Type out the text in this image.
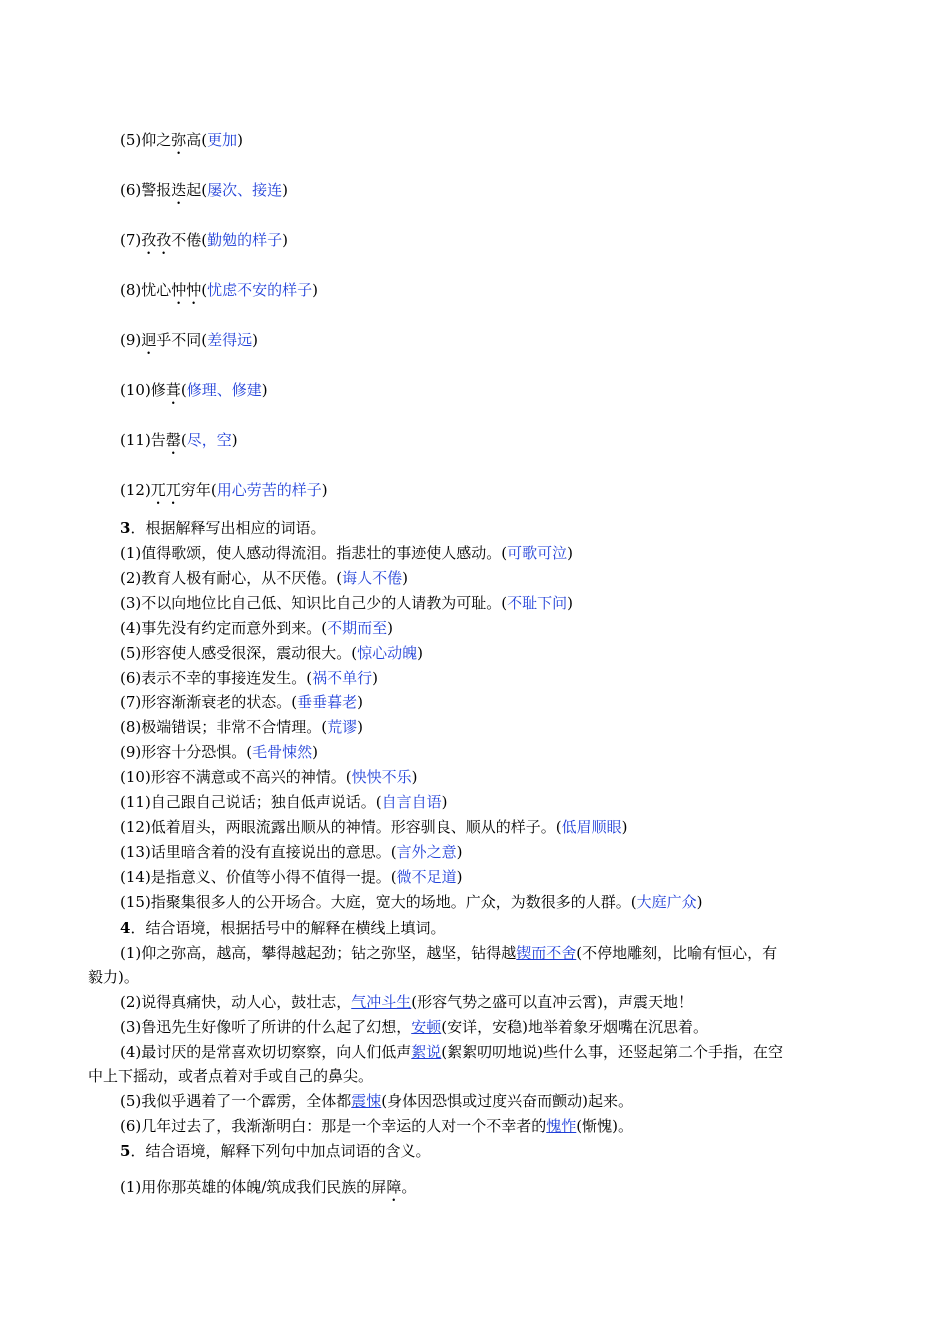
(5)仰之弥高(更加)
(6)警报迭起(屡次、接连)
(7)孜孜不倦(勤勉的样子)
(8)忧心忡忡(忧虑不安的样子)
(9)迥乎不同(差得远)
(10)修葺(修理、修建)
(11)告罄(尽，空)
(12)兀兀穷年(用心劳苦的样子)
3．根据解释写出相应的词语。
(1)值得歌颂，使人感动得流泪。指悲壮的事迹使人感动。(可歌可泣)
(2)教育人极有耐心，从不厌倦。(诲人不倦)
(3)不以向地位比自己低、知识比自己少的人请教为可耻。(不耻下问)
(4)事先没有约定而意外到来。(不期而至)
(5)形容使人感受很深，震动很大。(惊心动魄)
(6)表示不幸的事接连发生。(祸不单行)
(7)形容渐渐衰老的状态。(垂垂暮老)
(8)极端错误；非常不合情理。(荒谬)
(9)形容十分恐惧。(毛骨悚然)
(10)形容不满意或不高兴的神情。(怏怏不乐)
(11)自己跟自己说话；独自低声说话。(自言自语)
(12)低着眉头，两眼流露出顺从的神情。形容驯良、顺从的样子。(低眉顺眼)
(13)话里暗含着的没有直接说出的意思。(言外之意)
(14)是指意义、价值等小得不值得一提。(微不足道)
(15)指聚集很多人的公开场合。大庭，宽大的场地。广众，为数很多的人群。(大庭广众)
4．结合语境，根据括号中的解释在横线上填词。
(1)仰之弥高，越高，攀得越起劲；钻之弥坚，越坚，钻得越锲而不舍(不停地雕刻，比喻有恒心，有
毅力)。
(2)说得真痛快，动人心，鼓壮志，气冲斗生(形容气势之盛可以直冲云霄)，声震天地！
(3)鲁迅先生好像听了所讲的什么起了幻想，安顿(安详，安稳)地举着象牙烟嘴在沉思着。
(4)最讨厌的是常喜欢切切察察，向人们低声絮说(絮絮叨叨地说)些什么事，还竖起第二个手指，在空
中上下摇动，或者点着对手或自己的鼻尖。
(5)我似乎遇着了一个霹雳，全体都震悚(身体因恐惧或过度兴奋而颤动)起来。
(6)几年过去了，我渐渐明白：那是一个幸运的人对一个不幸者的愧怍(惭愧)。
5．结合语境，解释下列句中加点词语的含义。
(1)用你那英雄的体魄/筑成我们民族的屏障。
